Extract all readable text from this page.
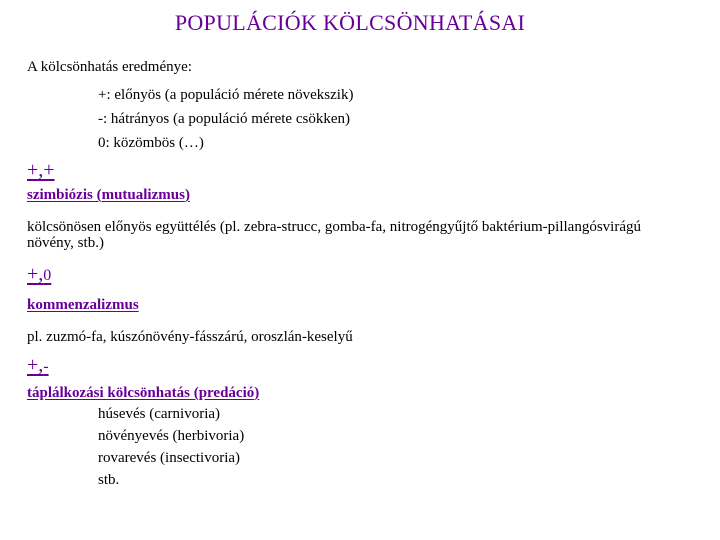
POPULÁCIÓK KÖLCSÖNHATÁSAI
A kölcsönhatás eredménye:
+: előnyös (a populáció mérete növekszik)
-: hátrányos (a populáció mérete csökken)
0: közömbös (…)
+,+
szimbiózis (mutualizmus)
kölcsönösen előnyös együttélés (pl. zebra-strucc, gomba-fa, nitrogéngyűjtő baktérium-pillangósvirágú növény, stb.)
+,0
kommenzalizmus
pl. zuzmó-fa, kúszónövény-fásszárú, oroszlán-keselyű
+,-
táplálkozási kölcsönhatás (predáció)
húsevés (carnivoria)
növényevés (herbivoria)
rovarevés (insectivoria)
stb.
